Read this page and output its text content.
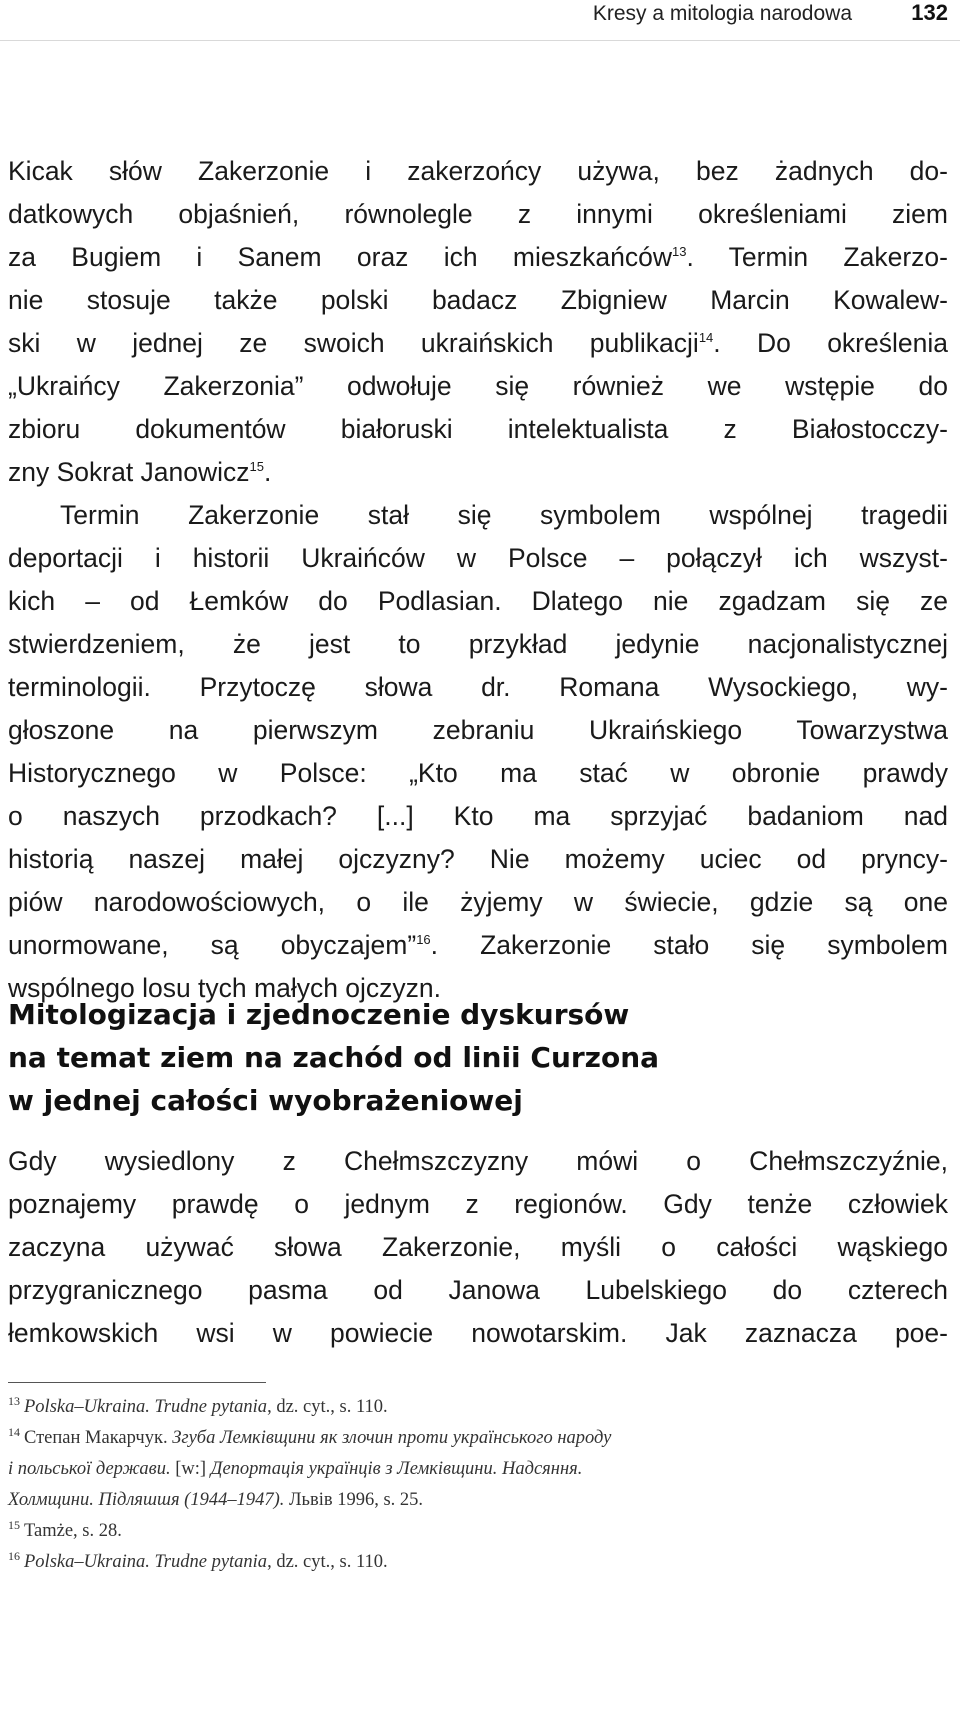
Kresy a mitologia narodowa	132
Kicak słów Zakerzonie i zakerzońcy używa, bez żadnych do-
datkowych objaśnień, równolegle z innymi określeniami ziem
za Bugiem i Sanem oraz ich mieszkańców$^{13}$. Termin Zakerzo-
nie stosuje także polski badacz Zbigniew Marcin Kowalew-
ski w jednej ze swoich ukraińskich publikacji$^{14}$. Do określenia
„Ukraińcy Zakerzonia” odwołuje się również we wstępie do
zbioru dokumentów białoruski intelektualista z Białostocczy-
zny Sokrat Janowicz$^{15}$.
Termin Zakerzonie stał się symbolem wspólnej tragedii
deportacji i historii Ukraińców w Polsce – połączył ich wszyst-
kich – od Łemków do Podlasian. Dlatego nie zgadzam się ze
stwierdzeniem, że jest to przykład jedynie nacjonalistycznej
terminologii. Przytoczę słowa dr. Romana Wysockiego, wy-
głoszone na pierwszym zebraniu Ukraińskiego Towarzystwa
Historycznego w Polsce: „Kto ma stać w obronie prawdy
o naszych przodkach? [...] Kto ma sprzyjać badaniom nad
historią naszej małej ojczyzny? Nie możemy uciec od pryncy-
piów narodowościowych, o ile żyjemy w świecie, gdzie są one
unormowane, są obyczajem”$^{16}$. Zakerzonie stało się symbolem
wspólnego losu tych małych ojczyzn.
Mitologizacja i zjednoczenie dyskursów
na temat ziem na zachód od linii Curzona
w jednej całości wyobrażeniowej
Gdy wysiedlony z Chełmszczyzny mówi o Chełmszczyźnie,
poznajemy prawdę o jednym z regionów. Gdy tenże człowiek
zaczyna używać słowa Zakerzonie, myśli o całości wąskiego
przygranicznego pasma od Janowa Lubelskiego do czterech
łemkowskich wsi w powiecie nowotarskim. Jak zaznacza poe-
$^{13}$ Polska–Ukraina. Trudne pytania, dz. cyt., s. 110.
$^{14}$ Степан Макарчук. Згуба Лемківщини як злочин проти українського народу
і польської держави. [w:] Депортація українців з Лемківщини. Надсяння.
Холмщини. Підляшшя (1944–1947). Львів 1996, s. 25.
$^{15}$ Tamże, s. 28.
$^{16}$ Polska–Ukraina. Trudne pytania, dz. cyt., s. 110.
